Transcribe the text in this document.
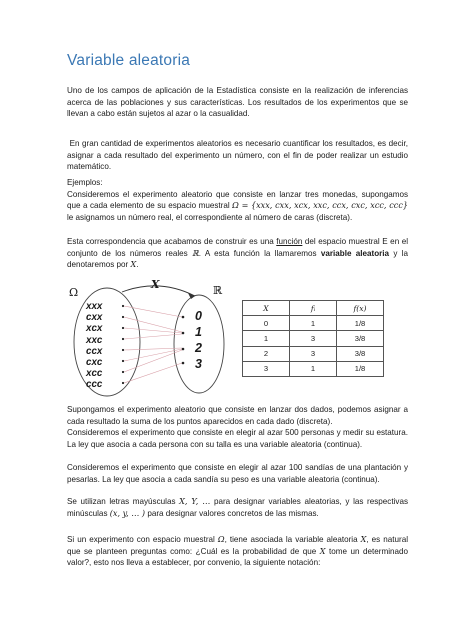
Variable aleatoria
Uno de los campos de aplicación de la Estadística consiste en la realización de inferencias acerca de las poblaciones y sus características. Los resultados de los experimentos que se llevan a cabo están sujetos al azar o la casualidad.
En gran cantidad de experimentos aleatorios es necesario cuantificar los resultados, es decir, asignar a cada resultado del experimento un número, con el fin de poder realizar un estudio matemático.
Ejemplos:
Consideremos el experimento aleatorio que consiste en lanzar tres monedas, supongamos que a cada elemento de su espacio muestral Ω = {xxx, cxx, xcx, xxc, ccx, cxc, xcc, ccc} le asignamos un número real, el correspondiente al número de caras (discreta).
Esta correspondencia que acabamos de construir es una función del espacio muestral E en el conjunto de los números reales ℝ. A esta función la llamaremos variable aleatoria y la denotaremos por X.
Ω
X	ℝ
xxx
cxx
xcx
xxc
ccx
cxc
xcc
ccc
0
1
2
3
X	fᵢ	f(x)
0	1	1/8
1	3	3/8
2	3	3/8
3	1	1/8
Supongamos el experimento aleatorio que consiste en lanzar dos dados, podemos asignar a cada resultado la suma de los puntos aparecidos en cada dado (discreta).
Consideremos el experimento que consiste en elegir al azar 500 personas y medir su estatura. La ley que asocia a cada persona con su talla es una variable aleatoria (continua).
Consideremos el experimento que consiste en elegir al azar 100 sandías de una plantación y pesarlas. La ley que asocia a cada sandía su peso es una variable aleatoria (continua).
Se utilizan letras mayúsculas X, Y, … para designar variables aleatorias, y las respectivas minúsculas (x, y, … ) para designar valores concretos de las mismas.
Si un experimento con espacio muestral Ω, tiene asociada la variable aleatoria X, es natural que se planteen preguntas como: ¿Cuál es la probabilidad de que X tome un determinado valor?, esto nos lleva a establecer, por convenio, la siguiente notación:
